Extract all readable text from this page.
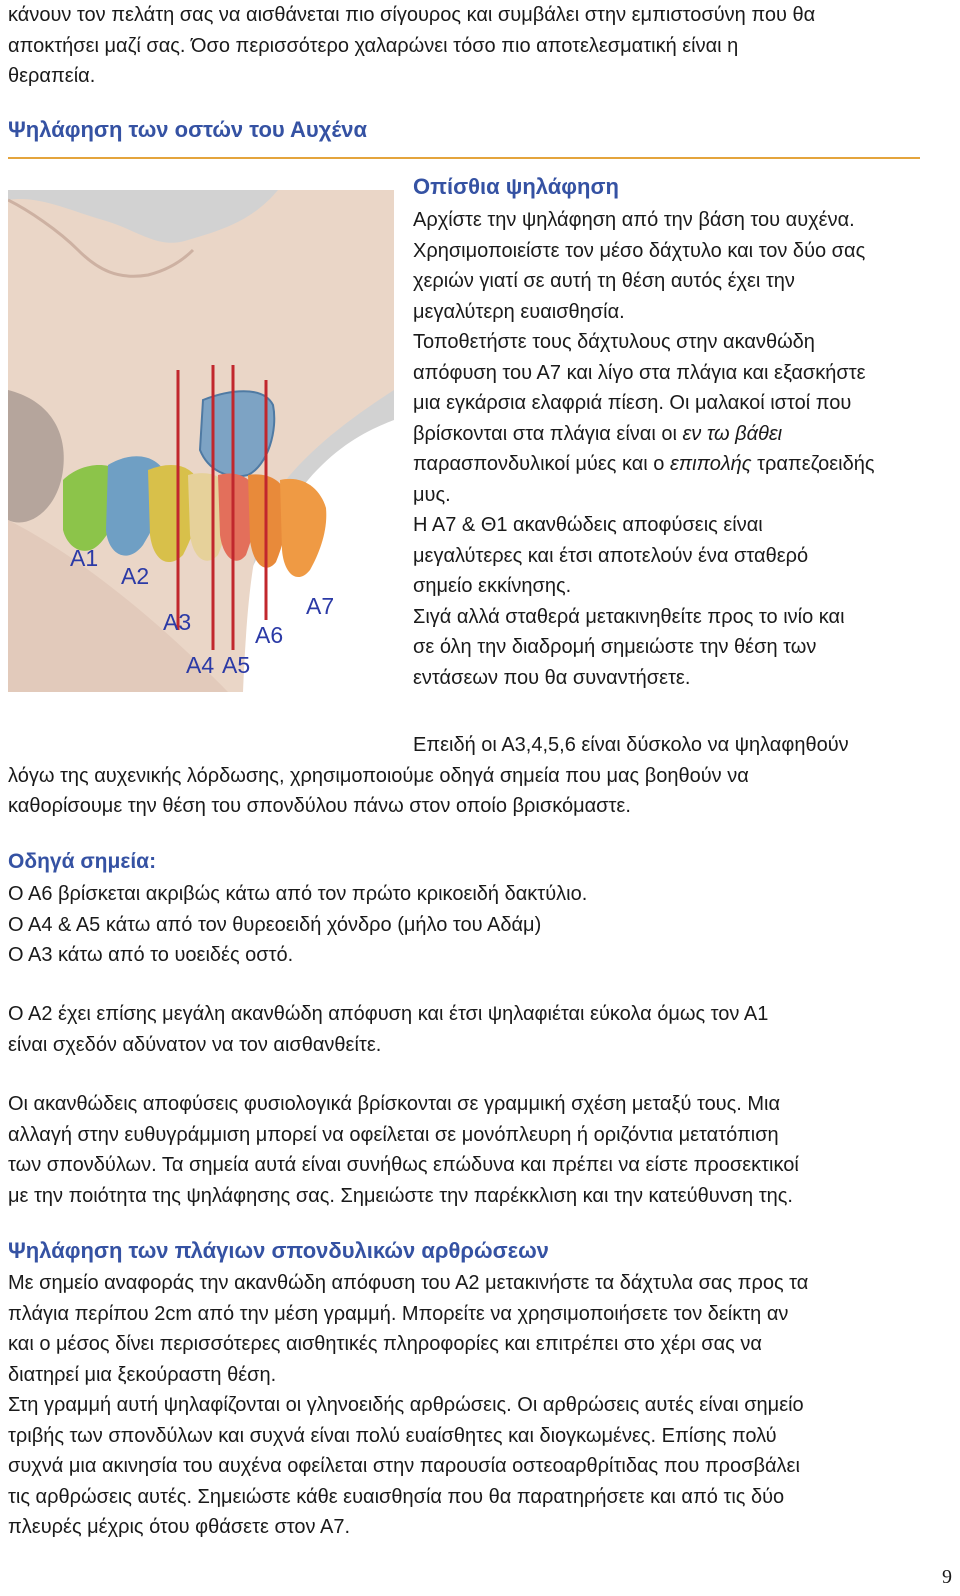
κάνουν τον πελάτη σας να αισθάνεται πιο σίγουρος και συμβάλει στην εμπιστοσύνη που θα
αποκτήσει μαζί σας. Όσο περισσότερο χαλαρώνει τόσο πιο αποτελεσματική είναι η
θεραπεία.

Ψηλάφηση των οστών του Αυχένα
A1
A2
A3
A4 A5
A6
A7
Οπίσθια ψηλάφηση

Αρχίστε την ψηλάφηση από την βάση του αυχένα.
Χρησιμοποιείστε τον μέσο δάχτυλο και τον δύο σας
χεριών γιατί σε αυτή τη θέση αυτός έχει την
μεγαλύτερη ευαισθησία.
Τοποθετήστε τους δάχτυλους στην ακανθώδη
απόφυση του Α7 και λίγο στα πλάγια και εξασκήστε
μια εγκάρσια ελαφριά πίεση. Οι μαλακοί ιστοί που
βρίσκονται στα πλάγια είναι οι εν τω βάθει
παρασπονδυλικοί μύες και ο επιπολής τραπεζοειδής
μυς.
Η Α7 & Θ1 ακανθώδεις αποφύσεις είναι
μεγαλύτερες και έτσι αποτελούν ένα σταθερό
σημείο εκκίνησης.
Σιγά αλλά σταθερά μετακινηθείτε προς το ινίο και
σε όλη την διαδρομή σημειώστε την θέση των
εντάσεων που θα συναντήσετε.

Επειδή οι Α3,4,5,6 είναι δύσκολο να ψηλαφηθούν
λόγω της αυχενικής λόρδωσης, χρησιμοποιούμε οδηγά σημεία που μας βοηθούν να
καθορίσουμε την θέση του σπονδύλου πάνω στον οποίο βρισκόμαστε.

Οδηγά σημεία:

Ο Α6 βρίσκεται ακριβώς κάτω από τον πρώτο κρικοειδή δακτύλιο.
Ο Α4 & Α5 κάτω από τον θυρεοειδή χόνδρο (μήλο του Αδάμ)
Ο Α3 κάτω από το υοειδές οστό.

Ο Α2 έχει επίσης μεγάλη ακανθώδη απόφυση και έτσι ψηλαφιέται εύκολα όμως τον Α1
είναι σχεδόν αδύνατον να τον αισθανθείτε.

Οι ακανθώδεις αποφύσεις φυσιολογικά βρίσκονται σε γραμμική σχέση μεταξύ τους. Μια
αλλαγή στην ευθυγράμμιση μπορεί να οφείλεται σε μονόπλευρη ή οριζόντια μετατόπιση
των σπονδύλων. Τα σημεία αυτά είναι συνήθως επώδυνα και πρέπει να είστε προσεκτικοί
με την ποιότητα της ψηλάφησης σας. Σημειώστε την παρέκκλιση και την κατεύθυνση της.

Ψηλάφηση των πλάγιων σπονδυλικών αρθρώσεων

Με σημείο αναφοράς την ακανθώδη απόφυση του Α2 μετακινήστε τα δάχτυλα σας προς τα
πλάγια περίπου 2cm από την μέση γραμμή. Μπορείτε να χρησιμοποιήσετε τον δείκτη αν
και ο μέσος δίνει περισσότερες αισθητικές πληροφορίες και επιτρέπει στο χέρι σας να
διατηρεί μια ξεκούραστη θέση.
Στη γραμμή αυτή ψηλαφίζονται οι γληνοειδής αρθρώσεις. Οι αρθρώσεις αυτές είναι σημείο
τριβής των σπονδύλων και συχνά είναι πολύ ευαίσθητες και διογκωμένες. Επίσης πολύ
συχνά μια ακινησία του αυχένα οφείλεται στην παρουσία οστεοαρθρίτιδας που προσβάλει
τις αρθρώσεις αυτές. Σημειώστε κάθε ευαισθησία που θα παρατηρήσετε και από τις δύο
πλευρές μέχρις ότου φθάσετε στον Α7.

9
